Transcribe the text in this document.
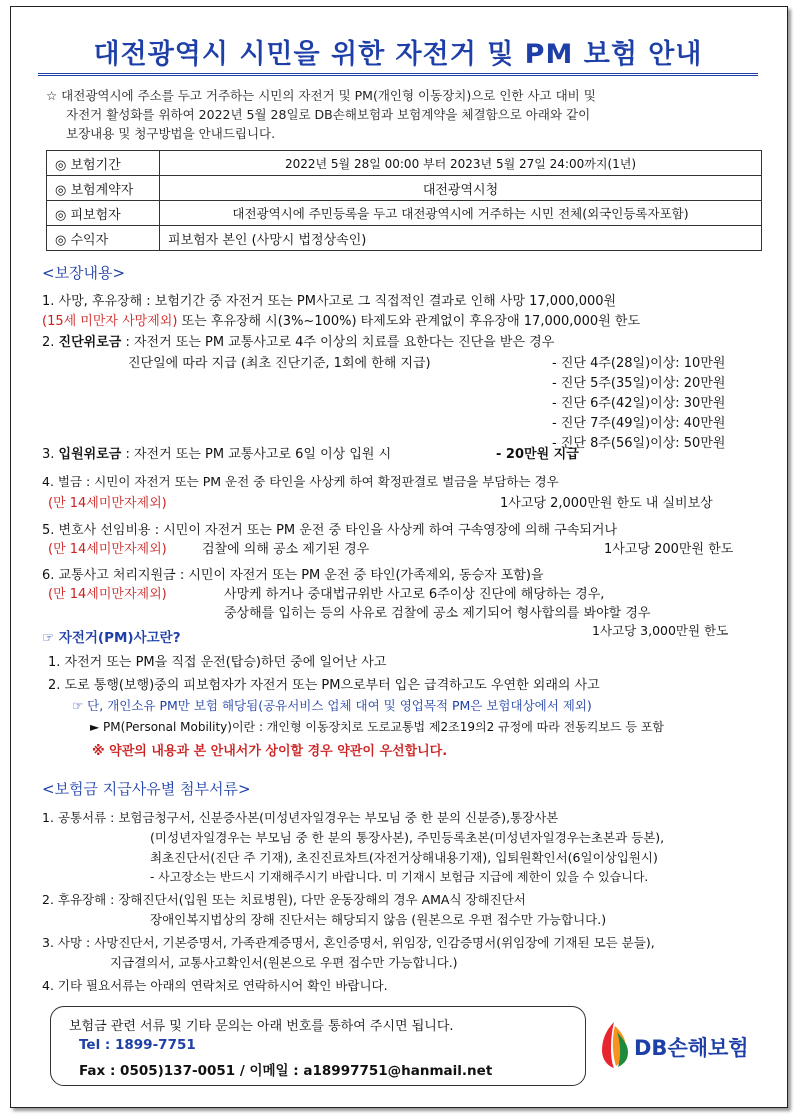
대전광역시 시민을 위한 자전거 및 PM 보험 안내
☆ 대전광역시에 주소를 두고 거주하는 시민의 자전거 및 PM(개인형 이동장치)으로 인한 사고 대비 및
자전거 활성화를 위하여 2022년 5월 28일로 DB손해보험과 보험계약을 체결함으로 아래와 같이
보장내용 및 청구방법을 안내드립니다.
◎ 보험기간	2022년 5월 28일 00:00 부터 2023년 5월 27일 24:00까지(1년)
◎ 보험계약자	대전광역시청
◎ 피보험자	대전광역시에 주민등록을 두고 대전광역시에 거주하는 시민 전체(외국인등록자포함)
◎ 수익자	피보험자 본인 (사망시 법정상속인)
<보장내용>
1. 사망, 후유장해 : 보험기간 중 자전거 또는 PM사고로 그 직접적인 결과로 인해 사망 17,000,000원
(15세 미만자 사망제외) 또는 후유장해 시(3%~100%) 타제도와 관계없이 후유장애 17,000,000원 한도
2. 진단위로금 : 자전거 또는 PM 교통사고로 4주 이상의 치료를 요한다는 진단을 받은 경우
진단일에 따라 지급 (최초 진단기준, 1회에 한해 지급)	- 진단 4주(28일)이상: 10만원
- 진단 5주(35일)이상: 20만원
- 진단 6주(42일)이상: 30만원
- 진단 7주(49일)이상: 40만원
- 진단 8주(56일)이상: 50만원
3. 입원위로금 : 자전거 또는 PM 교통사고로 6일 이상 입원 시	- 20만원 지급
4. 벌금 : 시민이 자전거 또는 PM 운전 중 타인을 사상케 하여 확정판결로 벌금을 부담하는 경우
(만 14세미만자제외)	1사고당 2,000만원 한도 내 실비보상
5. 변호사 선임비용 : 시민이 자전거 또는 PM 운전 중 타인을 사상케 하여 구속영장에 의해 구속되거나
(만 14세미만자제외)	검찰에 의해 공소 제기된 경우	1사고당 200만원 한도
6. 교통사고 처리지원금 : 시민이 자전거 또는 PM 운전 중 타인(가족제외, 동승자 포함)을
(만 14세미만자제외)	사망케 하거나 중대법규위반 사고로 6주이상 진단에 해당하는 경우,
중상해를 입히는 등의 사유로 검찰에 공소 제기되어 형사합의를 봐야할 경우
1사고당 3,000만원 한도
☞ 자전거(PM)사고란?
1. 자전거 또는 PM을 직접 운전(탑승)하던 중에 일어난 사고
2. 도로 통행(보행)중의 피보험자가 자전거 또는 PM으로부터 입은 급격하고도 우연한 외래의 사고
☞ 단, 개인소유 PM만 보험 해당됨(공유서비스 업체 대여 및 영업목적 PM은 보험대상에서 제외)
► PM(Personal Mobility)이란 : 개인형 이동장치로 도로교통법 제2조19의2 규정에 따라 전동킥보드 등 포함
※ 약관의 내용과 본 안내서가 상이할 경우 약관이 우선합니다.
<보험금 지급사유별 첨부서류>
1. 공통서류 : 보험금청구서, 신분증사본(미성년자일경우는 부모님 중 한 분의 신분증),통장사본
(미성년자일경우는 부모님 중 한 분의 통장사본), 주민등록초본(미성년자일경우는초본과 등본),
최초진단서(진단 주 기재), 초진진료차트(자전거상해내용기재), 입퇴원확인서(6일이상입원시)
- 사고장소는 반드시 기재해주시기 바랍니다. 미 기재시 보험금 지급에 제한이 있을 수 있습니다.
2. 후유장해 : 장해진단서(입원 또는 치료병원), 다만 운동장해의 경우 AMA식 장해진단서
장애인복지법상의 장해 진단서는 해당되지 않음 (원본으로 우편 접수만 가능합니다.)
3. 사망 : 사망진단서, 기본증명서, 가족관계증명서, 혼인증명서, 위임장, 인감증명서(위임장에 기재된 모든 분들),
지급결의서, 교통사고확인서(원본으로 우편 접수만 가능합니다.)
4. 기타 필요서류는 아래의 연락처로 연락하시어 확인 바랍니다.
보험금 관련 서류 및 기타 문의는 아래 번호를 통하여 주시면 됩니다.
Tel : 1899-7751
Fax : 0505)137-0051 / 이메일 : a18997751@hanmail.net
DB손해보험
